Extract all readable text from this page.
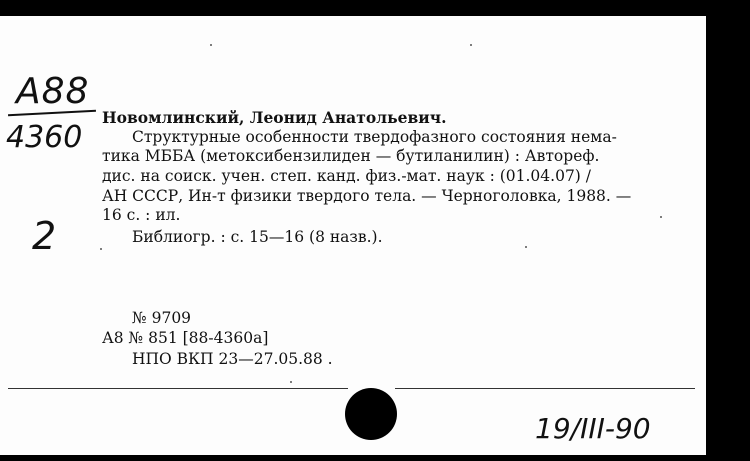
A88
4360
2
Новомлинский, Леонид Анатольевич.
Структурные особенности твердофазного состояния нема-
тика МББА (метоксибензилиден — бутиланилин) : Автореф.
дис. на соиск. учен. степ. канд. физ.-мат. наук : (01.04.07) /
АН СССР, Ин-т физики твердого тела. — Черноголовка, 1988. —
16 с. : ил.
Библиогр. : с. 15—16 (8 назв.).
№ 9709
А8 № 851 [88-4360а]
НПО ВКП 23—27.05.88 .
19/III-90
